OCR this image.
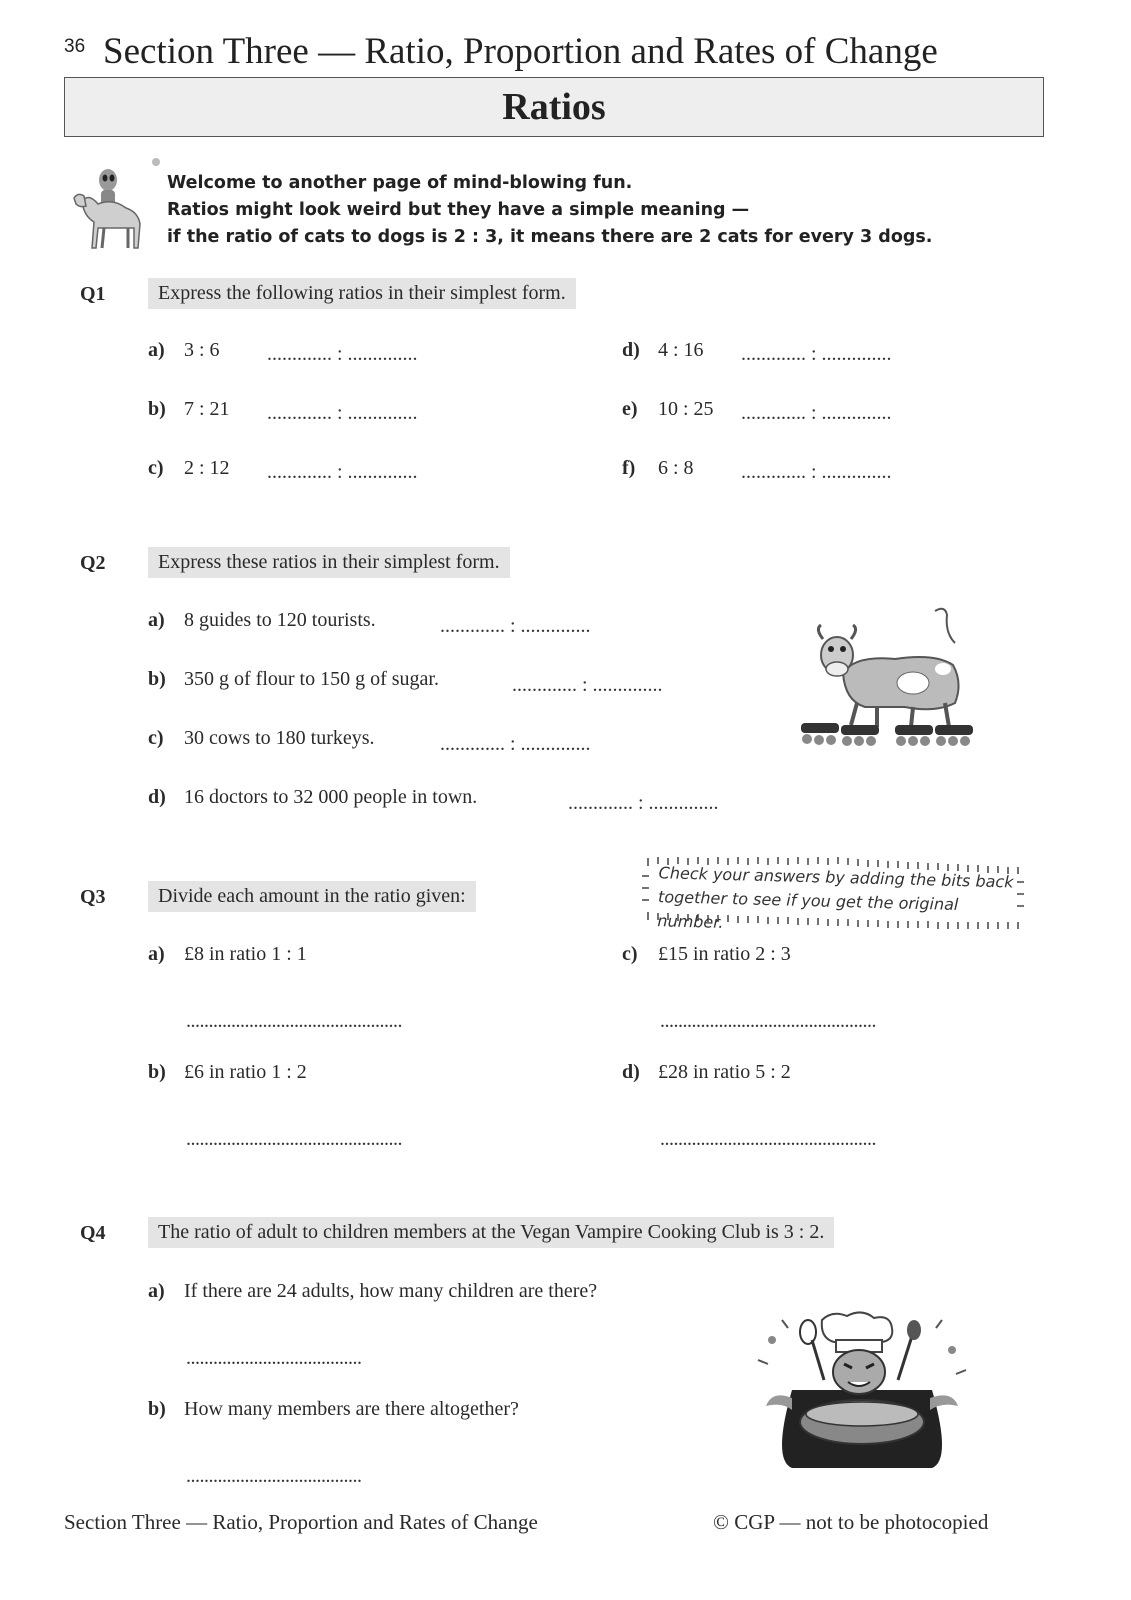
36 Section Three — Ratio, Proportion and Rates of Change
Ratios
Welcome to another page of mind-blowing fun.
Ratios might look weird but they have a simple meaning —
if the ratio of cats to dogs is 2 : 3, it means there are 2 cats for every 3 dogs.
Q1	Express the following ratios in their simplest form.
a) 3 : 6 ............. : ..............
b) 7 : 21 ............. : ..............
c) 2 : 12 ............. : ..............
d) 4 : 16 ............. : ..............
e) 10 : 25 ............. : ..............
f) 6 : 8 ............. : ..............
Q2	Express these ratios in their simplest form.
a) 8 guides to 120 tourists.	............. : ..............
b) 350 g of flour to 150 g of sugar.	............. : ..............
c) 30 cows to 180 turkeys.	............. : ..............
d) 16 doctors to 32 000 people in town.	............. : ..............
Check your answers by adding the bits back
together to see if you get the original number.
Q3	Divide each amount in the ratio given:
a) £8 in ratio 1 : 1
................................................
b) £6 in ratio 1 : 2
................................................
c) £15 in ratio 2 : 3
................................................
d) £28 in ratio 5 : 2
................................................
Q4	The ratio of adult to children members at the Vegan Vampire Cooking Club is 3 : 2.
a) If there are 24 adults, how many children are there?
.......................................
b) How many members are there altogether?
.......................................
Section Three — Ratio, Proportion and Rates of Change	© CGP — not to be photocopied
